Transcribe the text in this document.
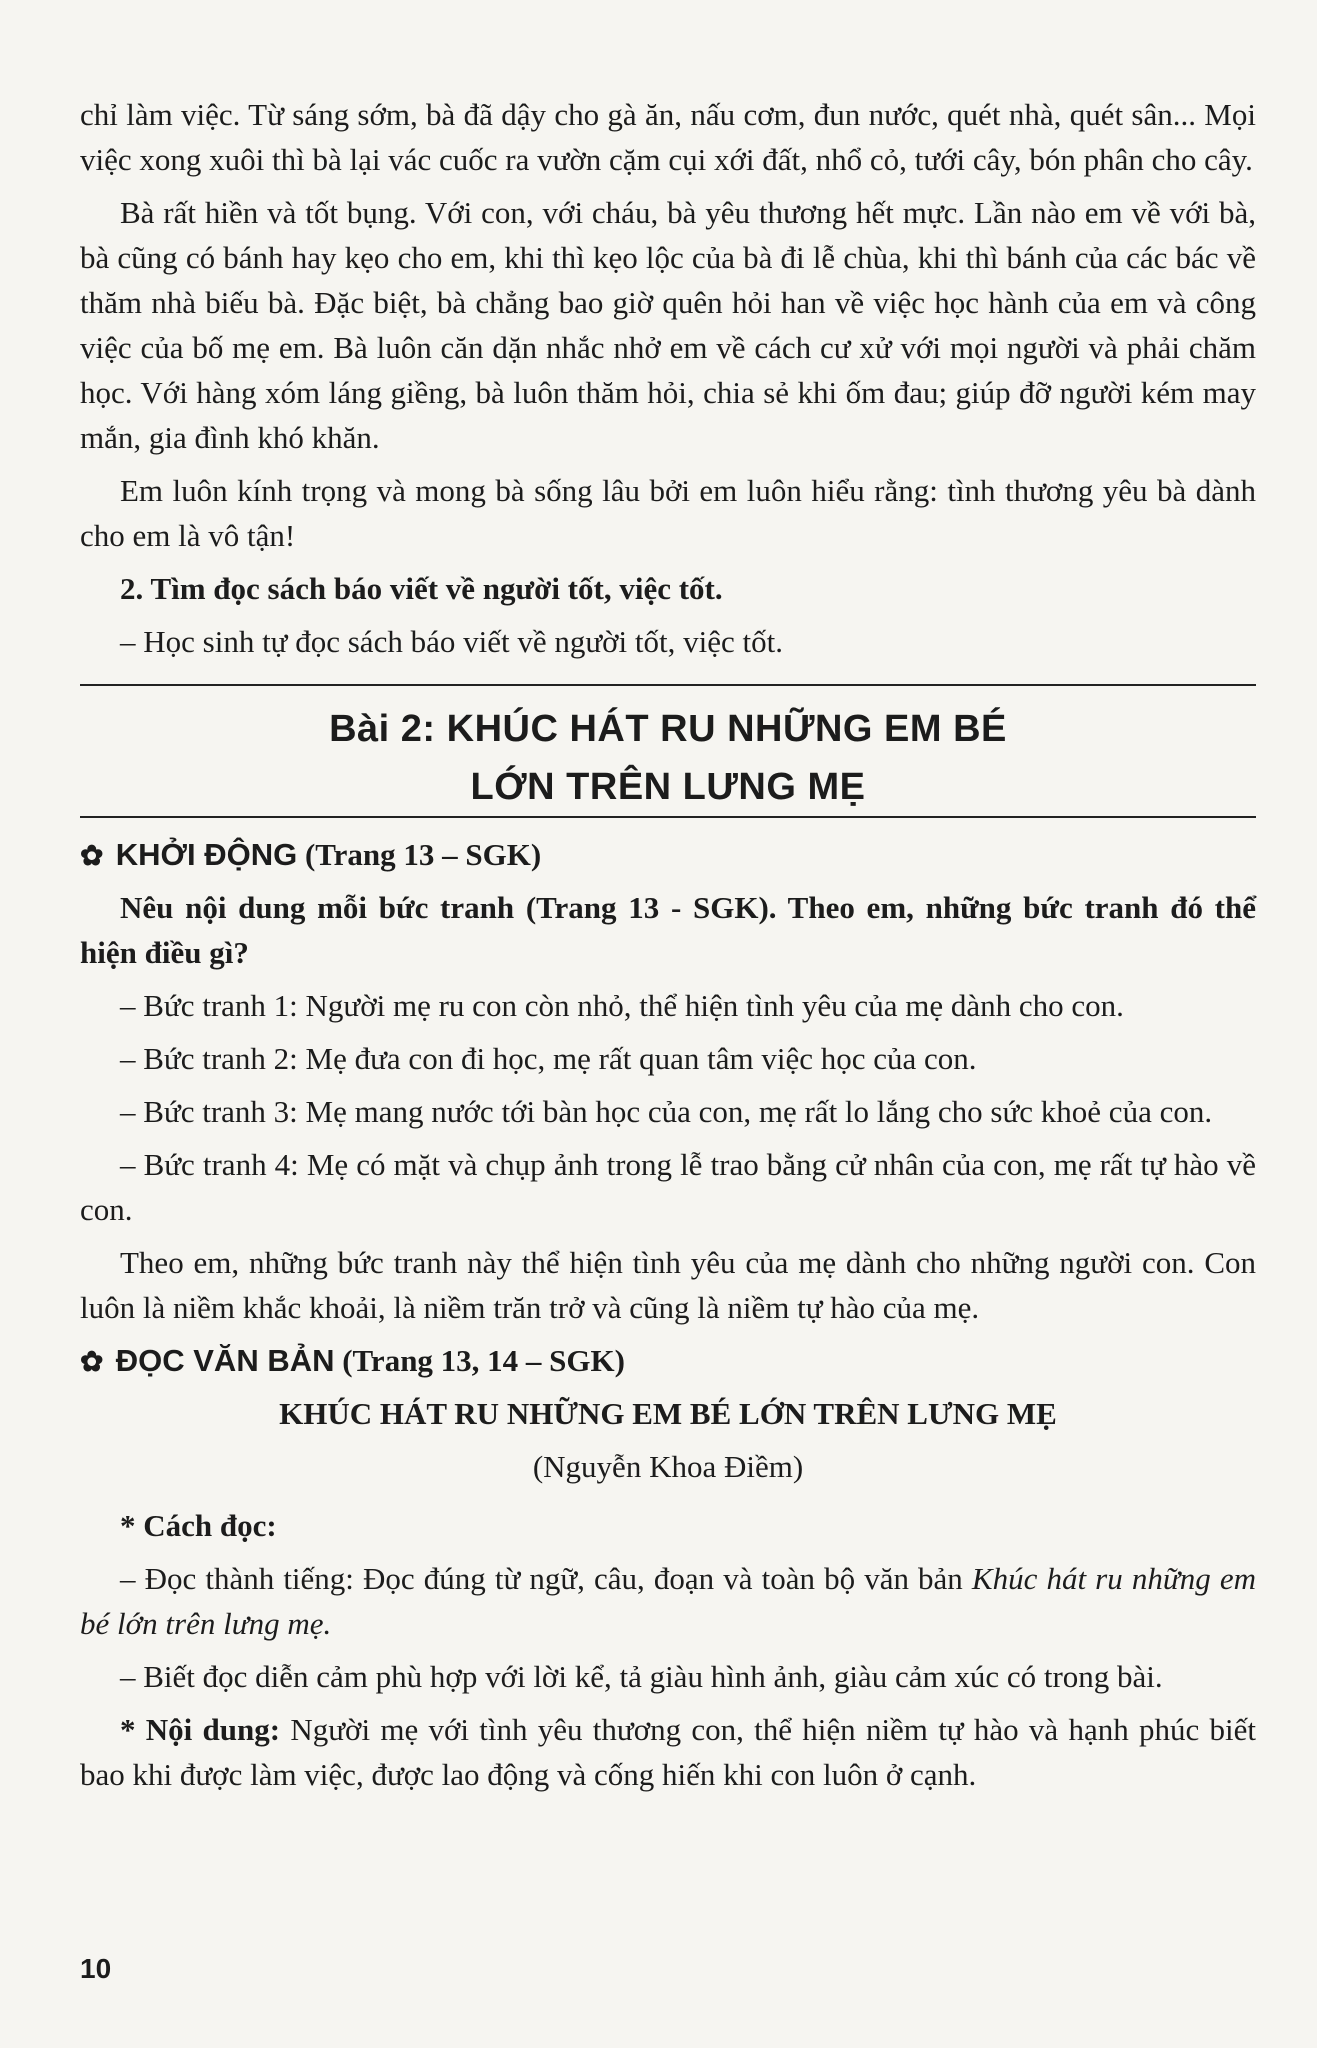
chỉ làm việc. Từ sáng sớm, bà đã dậy cho gà ăn, nấu cơm, đun nước, quét nhà, quét sân... Mọi việc xong xuôi thì bà lại vác cuốc ra vườn cặm cụi xới đất, nhổ cỏ, tưới cây, bón phân cho cây.

Bà rất hiền và tốt bụng. Với con, với cháu, bà yêu thương hết mực. Lần nào em về với bà, bà cũng có bánh hay kẹo cho em, khi thì kẹo lộc của bà đi lễ chùa, khi thì bánh của các bác về thăm nhà biếu bà. Đặc biệt, bà chẳng bao giờ quên hỏi han về việc học hành của em và công việc của bố mẹ em. Bà luôn căn dặn nhắc nhở em về cách cư xử với mọi người và phải chăm học. Với hàng xóm láng giềng, bà luôn thăm hỏi, chia sẻ khi ốm đau; giúp đỡ người kém may mắn, gia đình khó khăn.

Em luôn kính trọng và mong bà sống lâu bởi em luôn hiểu rằng: tình thương yêu bà dành cho em là vô tận!

2. Tìm đọc sách báo viết về người tốt, việc tốt.

– Học sinh tự đọc sách báo viết về người tốt, việc tốt.

Bài 2: KHÚC HÁT RU NHỮNG EM BÉ
LỚN TRÊN LƯNG MẸ
✿ KHỞI ĐỘNG (Trang 13 – SGK)

Nêu nội dung mỗi bức tranh (Trang 13 - SGK). Theo em, những bức tranh đó thể hiện điều gì?

– Bức tranh 1: Người mẹ ru con còn nhỏ, thể hiện tình yêu của mẹ dành cho con.

– Bức tranh 2: Mẹ đưa con đi học, mẹ rất quan tâm việc học của con.

– Bức tranh 3: Mẹ mang nước tới bàn học của con, mẹ rất lo lắng cho sức khoẻ của con.

– Bức tranh 4: Mẹ có mặt và chụp ảnh trong lễ trao bằng cử nhân của con, mẹ rất tự hào về con.

Theo em, những bức tranh này thể hiện tình yêu của mẹ dành cho những người con. Con luôn là niềm khắc khoải, là niềm trăn trở và cũng là niềm tự hào của mẹ.

✿ ĐỌC VĂN BẢN (Trang 13, 14 – SGK)

KHÚC HÁT RU NHỮNG EM BÉ LỚN TRÊN LƯNG MẸ

(Nguyễn Khoa Điềm)

* Cách đọc:

– Đọc thành tiếng: Đọc đúng từ ngữ, câu, đoạn và toàn bộ văn bản Khúc hát ru những em bé lớn trên lưng mẹ.

– Biết đọc diễn cảm phù hợp với lời kể, tả giàu hình ảnh, giàu cảm xúc có trong bài.

* Nội dung: Người mẹ với tình yêu thương con, thể hiện niềm tự hào và hạnh phúc biết bao khi được làm việc, được lao động và cống hiến khi con luôn ở cạnh.

10
